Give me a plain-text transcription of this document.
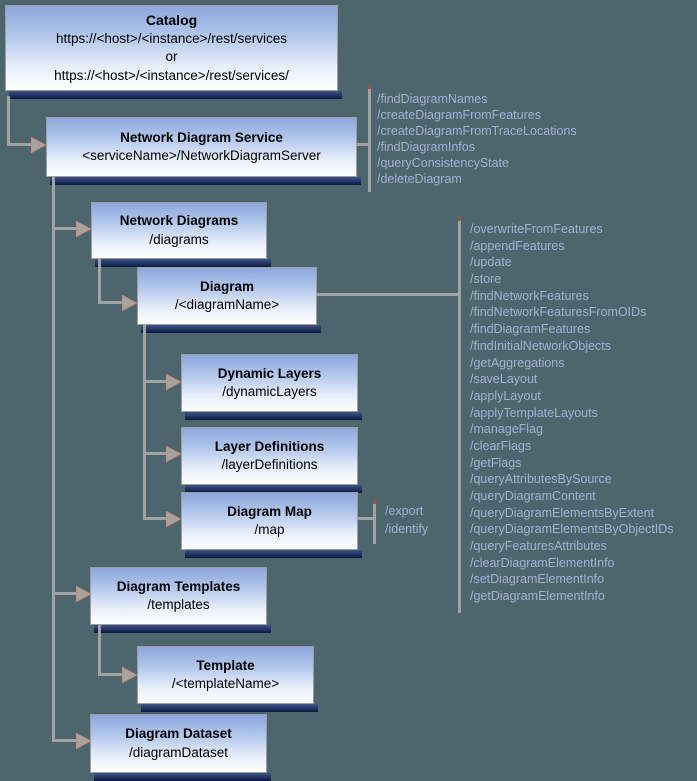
Catalog
https://<host>/<instance>/rest/services
or
https://<host>/<instance>/rest/services/
Network Diagram Service
<serviceName>/NetworkDiagramServer
Network Diagrams
/diagrams
Diagram
/<diagramName>
Dynamic Layers
/dynamicLayers
Layer Definitions
/layerDefinitions
Diagram Map
/map
Diagram Templates
/templates
Template
/<templateName>
Diagram Dataset
/diagramDataset
/findDiagramNames
/createDiagramFromFeatures
/createDiagramFromTraceLocations
/findDiagramInfos
/queryConsistencyState
/deleteDiagram
/overwriteFromFeatures
/appendFeatures
/update
/store
/findNetworkFeatures
/findNetworkFeaturesFromOIDs
/findDiagramFeatures
/findInitialNetworkObjects
/getAggregations
/saveLayout
/applyLayout
/applyTemplateLayouts
/manageFlag
/clearFlags
/getFlags
/queryAttributesBySource
/queryDiagramContent
/queryDiagramElementsByExtent
/queryDiagramElementsByObjectIDs
/queryFeaturesAttributes
/clearDiagramElementInfo
/setDiagramElementInfo
/getDiagramElementInfo
/export
/identify
